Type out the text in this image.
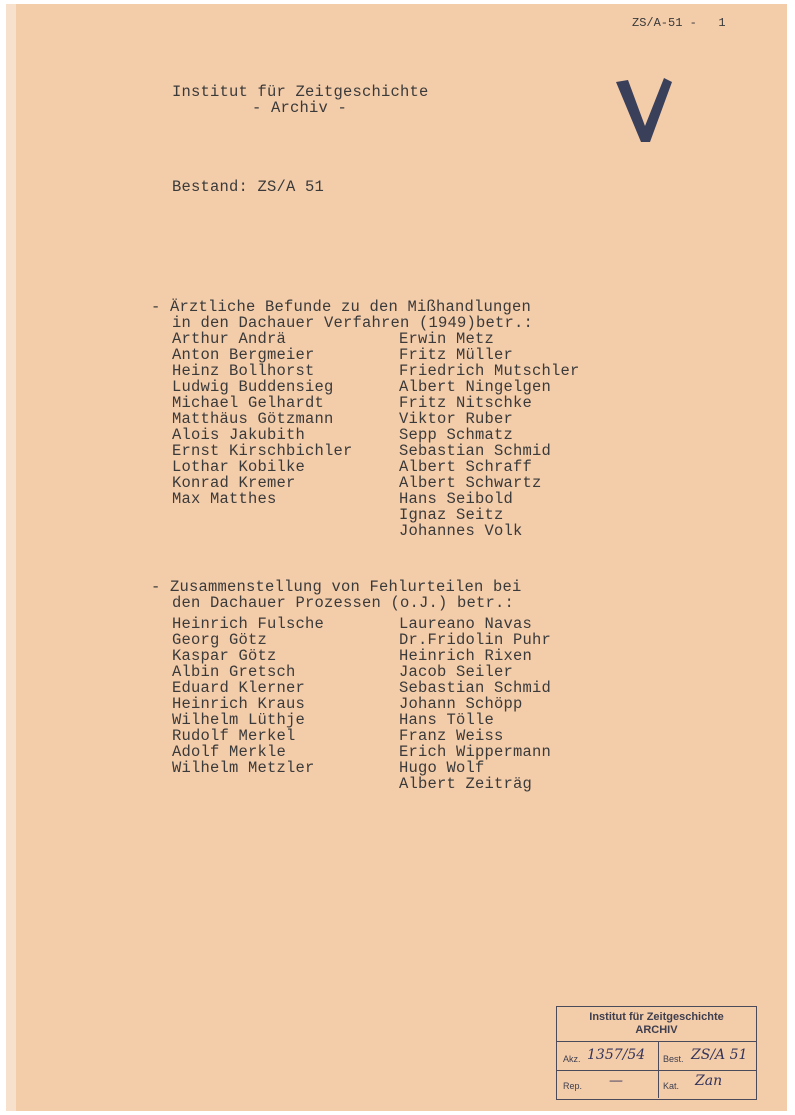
ZS/A-51 -   1
Institut für Zeitgeschichte
- Archiv -
Bestand: ZS/A 51
- Ärztliche Befunde zu den Mißhandlungen
in den Dachauer Verfahren (1949)betr.:
Arthur Andrä
Anton Bergmeier
Heinz Bollhorst
Ludwig Buddensieg
Michael Gelhardt
Matthäus Götzmann
Alois Jakubith
Ernst Kirschbichler
Lothar Kobilke
Konrad Kremer
Max Matthes
Erwin Metz
Fritz Müller
Friedrich Mutschler
Albert Ningelgen
Fritz Nitschke
Viktor Ruber
Sepp Schmatz
Sebastian Schmid
Albert Schraff
Albert Schwartz
Hans Seibold
Ignaz Seitz
Johannes Volk
- Zusammenstellung von Fehlurteilen bei
den Dachauer Prozessen (o.J.) betr.:
Heinrich Fulsche
Georg Götz
Kaspar Götz
Albin Gretsch
Eduard Klerner
Heinrich Kraus
Wilhelm Lüthje
Rudolf Merkel
Adolf Merkle
Wilhelm Metzler
Laureano Navas
Dr.Fridolin Puhr
Heinrich Rixen
Jacob Seiler
Sebastian Schmid
Johann Schöpp
Hans Tölle
Franz Weiss
Erich Wippermann
Hugo Wolf
Albert Zeiträg
Institut für Zeitgeschichte
ARCHIV
Akz. 1357/54 Best. ZS/A 51
Rep. —	Kat. Zan
